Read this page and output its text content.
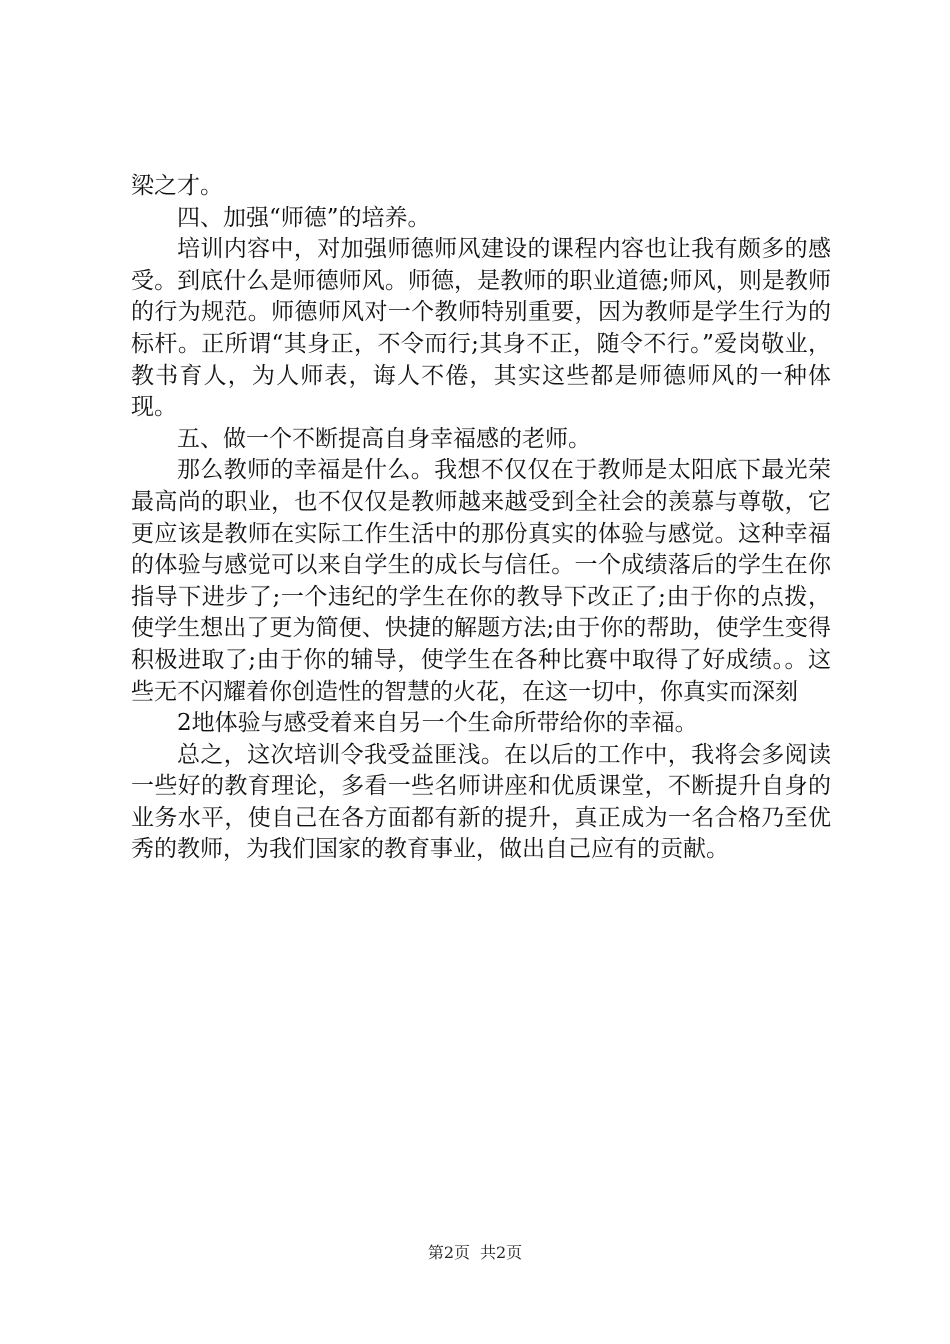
梁之才。

四、加强“师德”的培养。

培训内容中，对加强师德师风建设的课程内容也让我有颇多的感受。到底什么是师德师风。师德，是教师的职业道德;师风，则是教师的行为规范。师德师风对一个教师特别重要，因为教师是学生行为的标杆。正所谓“其身正，不令而行;其身不正，随令不行。”爱岗敬业，教书育人，为人师表，诲人不倦，其实这些都是师德师风的一种体现。

五、做一个不断提高自身幸福感的老师。

那么教师的幸福是什么。我想不仅仅在于教师是太阳底下最光荣最高尚的职业，也不仅仅是教师越来越受到全社会的羡慕与尊敬，它更应该是教师在实际工作生活中的那份真实的体验与感觉。这种幸福的体验与感觉可以来自学生的成长与信任。一个成绩落后的学生在你指导下进步了;一个违纪的学生在你的教导下改正了;由于你的点拨，使学生想出了更为简便、快捷的解题方法;由于你的帮助，使学生变得积极进取了;由于你的辅导，使学生在各种比赛中取得了好成绩。。这些无不闪耀着你创造性的智慧的火花，在这一切中，你真实而深刻

2地体验与感受着来自另一个生命所带给你的幸福。

总之，这次培训令我受益匪浅。在以后的工作中，我将会多阅读一些好的教育理论，多看一些名师讲座和优质课堂，不断提升自身的业务水平，使自己在各方面都有新的提升，真正成为一名合格乃至优秀的教师，为我们国家的教育事业，做出自己应有的贡献。

第2页 共2页
